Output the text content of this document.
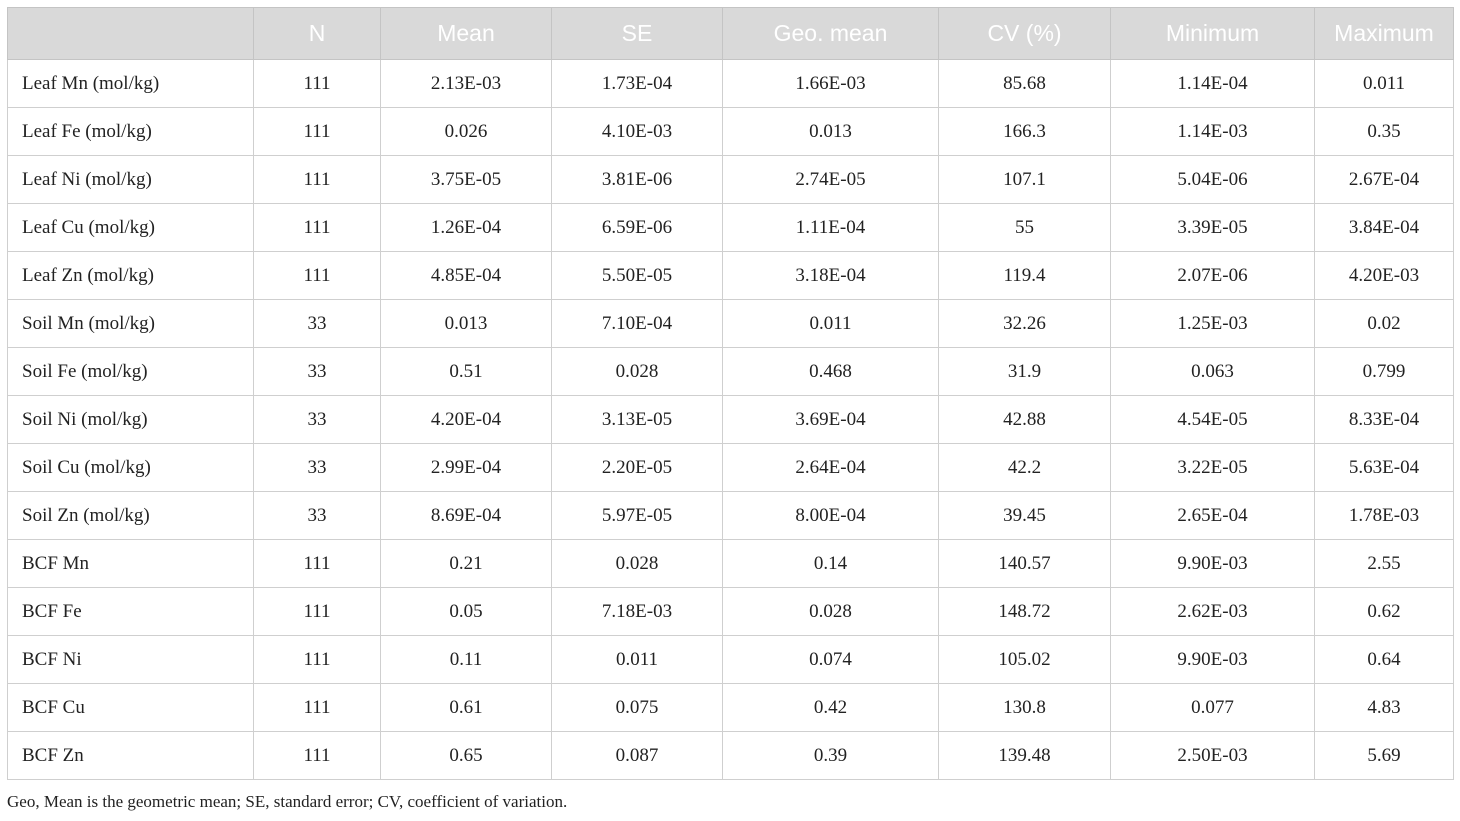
	N	Mean	SE	Geo. mean	CV (%)	Minimum	Maximum
Leaf Mn (mol/kg)	111	2.13E-03	1.73E-04	1.66E-03	85.68	1.14E-04	0.011
Leaf Fe (mol/kg)	111	0.026	4.10E-03	0.013	166.3	1.14E-03	0.35
Leaf Ni (mol/kg)	111	3.75E-05	3.81E-06	2.74E-05	107.1	5.04E-06	2.67E-04
Leaf Cu (mol/kg)	111	1.26E-04	6.59E-06	1.11E-04	55	3.39E-05	3.84E-04
Leaf Zn (mol/kg)	111	4.85E-04	5.50E-05	3.18E-04	119.4	2.07E-06	4.20E-03
Soil Mn (mol/kg)	33	0.013	7.10E-04	0.011	32.26	1.25E-03	0.02
Soil Fe (mol/kg)	33	0.51	0.028	0.468	31.9	0.063	0.799
Soil Ni (mol/kg)	33	4.20E-04	3.13E-05	3.69E-04	42.88	4.54E-05	8.33E-04
Soil Cu (mol/kg)	33	2.99E-04	2.20E-05	2.64E-04	42.2	3.22E-05	5.63E-04
Soil Zn (mol/kg)	33	8.69E-04	5.97E-05	8.00E-04	39.45	2.65E-04	1.78E-03
BCF Mn	111	0.21	0.028	0.14	140.57	9.90E-03	2.55
BCF Fe	111	0.05	7.18E-03	0.028	148.72	2.62E-03	0.62
BCF Ni	111	0.11	0.011	0.074	105.02	9.90E-03	0.64
BCF Cu	111	0.61	0.075	0.42	130.8	0.077	4.83
BCF Zn	111	0.65	0.087	0.39	139.48	2.50E-03	5.69
Geo, Mean is the geometric mean; SE, standard error; CV, coefficient of variation.
